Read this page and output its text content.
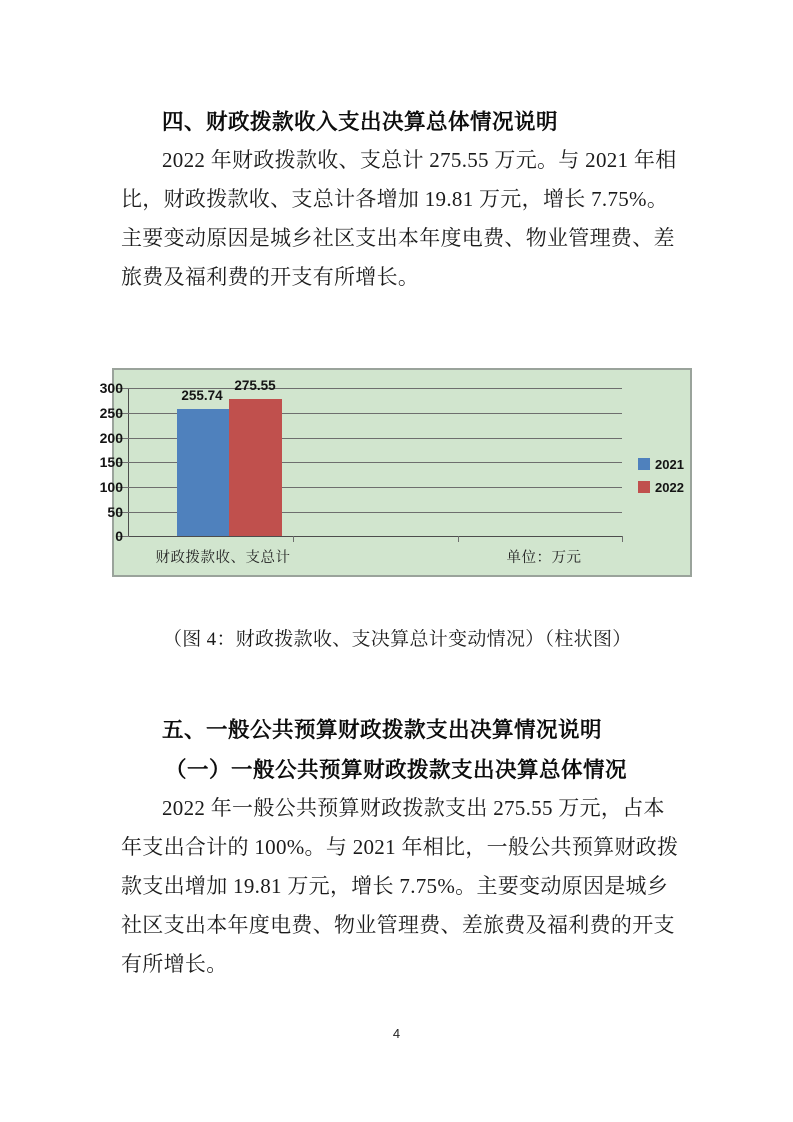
四、财政拨款收入支出决算总体情况说明
2022 年财政拨款收、支总计 275.55 万元。与 2021 年相
比，财政拨款收、支总计各增加 19.81 万元，增长 7.75%。
主要变动原因是城乡社区支出本年度电费、物业管理费、差
旅费及福利费的开支有所增长。
300
250
200
150
100
50
0
255.74
275.55
财政拨款收、支总计	单位：万元
2021
2022
（图 4：财政拨款收、支决算总计变动情况）（柱状图）
五、一般公共预算财政拨款支出决算情况说明
（一）一般公共预算财政拨款支出决算总体情况
2022 年一般公共预算财政拨款支出 275.55 万元，占本
年支出合计的 100%。与 2021 年相比，一般公共预算财政拨
款支出增加 19.81 万元，增长 7.75%。主要变动原因是城乡
社区支出本年度电费、物业管理费、差旅费及福利费的开支
有所增长。
4
